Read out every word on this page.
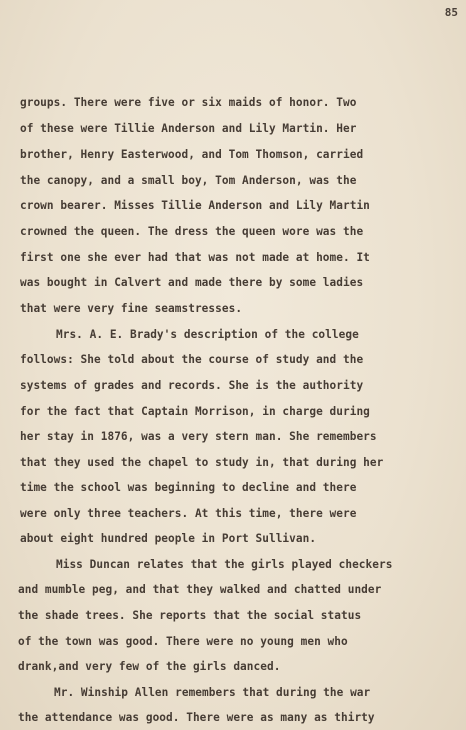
85
groups. There were five or six maids of honor. Two
of these were Tillie Anderson and Lily Martin. Her
brother, Henry Easterwood, and Tom Thomson, carried
the canopy, and a small boy, Tom Anderson, was the
crown bearer. Misses Tillie Anderson and Lily Martin
crowned the queen. The dress the queen wore was the
first one she ever had that was not made at home. It
was bought in Calvert and made there by some ladies
that were very fine seamstresses.
Mrs. A. E. Brady's description of the college
follows: She told about the course of study and the
systems of grades and records. She is the authority
for the fact that Captain Morrison, in charge during
her stay in 1876, was a very stern man. She remembers
that they used the chapel to study in, that during her
time the school was beginning to decline and there
were only three teachers. At this time, there were
about eight hundred people in Port Sullivan.
Miss Duncan relates that the girls played checkers
and mumble peg, and that they walked and chatted under
the shade trees. She reports that the social status
of the town was good. There were no young men who
drank,and very few of the girls danced.
Mr. Winship Allen remembers that during the war
the attendance was good. There were as many as thirty
